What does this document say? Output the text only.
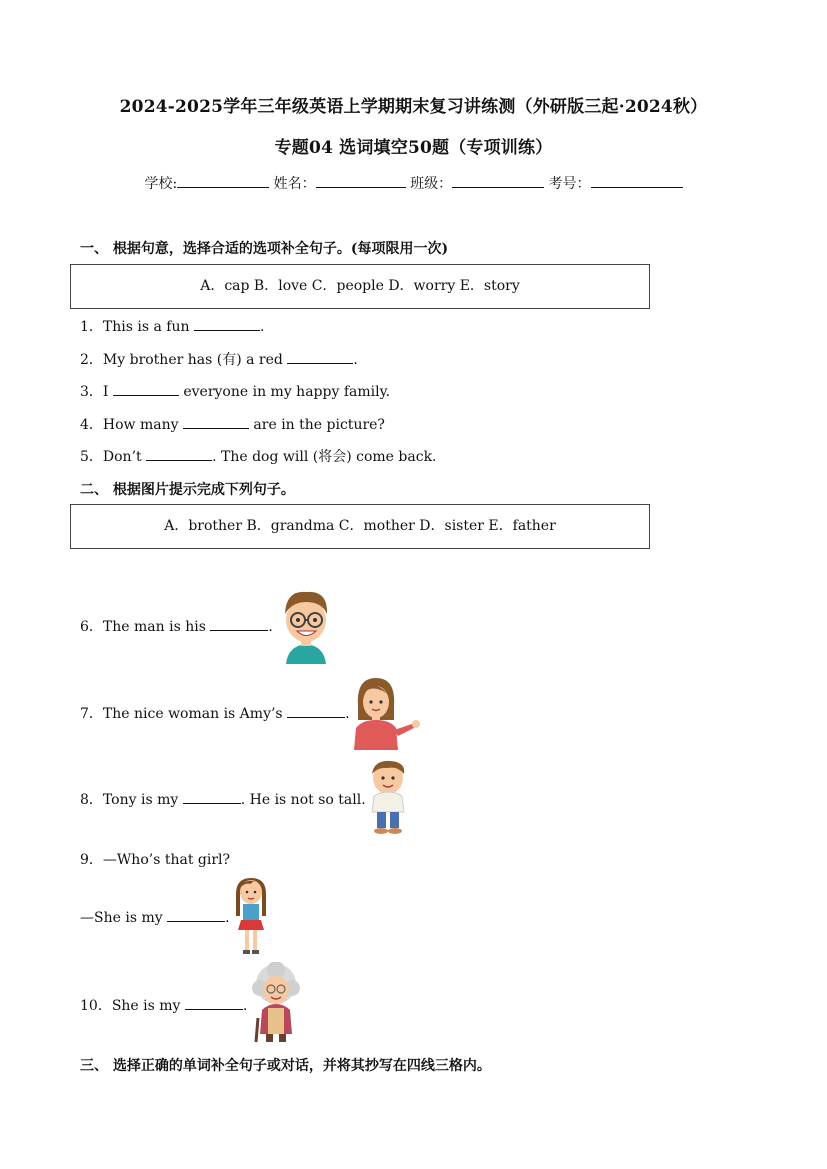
2024-2025学年三年级英语上学期期末复习讲练测（外研版三起·2024秋）
专题04 选词填空50题（专项训练）
学校:	姓名：	班级：	考号：
一、 根据句意，选择合适的选项补全句子。(每项限用一次)
A．cap B．love C．people D．worry E．story
1．This is a fun	.
2．My brother has (有) a red	.
3．I	everyone in my happy family.
4．How many	are in the picture?
5．Don’t	. The dog will (将会) come back.
二、 根据图片提示完成下列句子。
A．brother B．grandma C．mother D．sister E．father
6．The man is his	.
7．The nice woman is Amy’s	.
8．Tony is my	. He is not so tall.
9．—Who’s that girl?
—She is my	.
10．She is my	.
三、 选择正确的单词补全句子或对话，并将其抄写在四线三格内。
